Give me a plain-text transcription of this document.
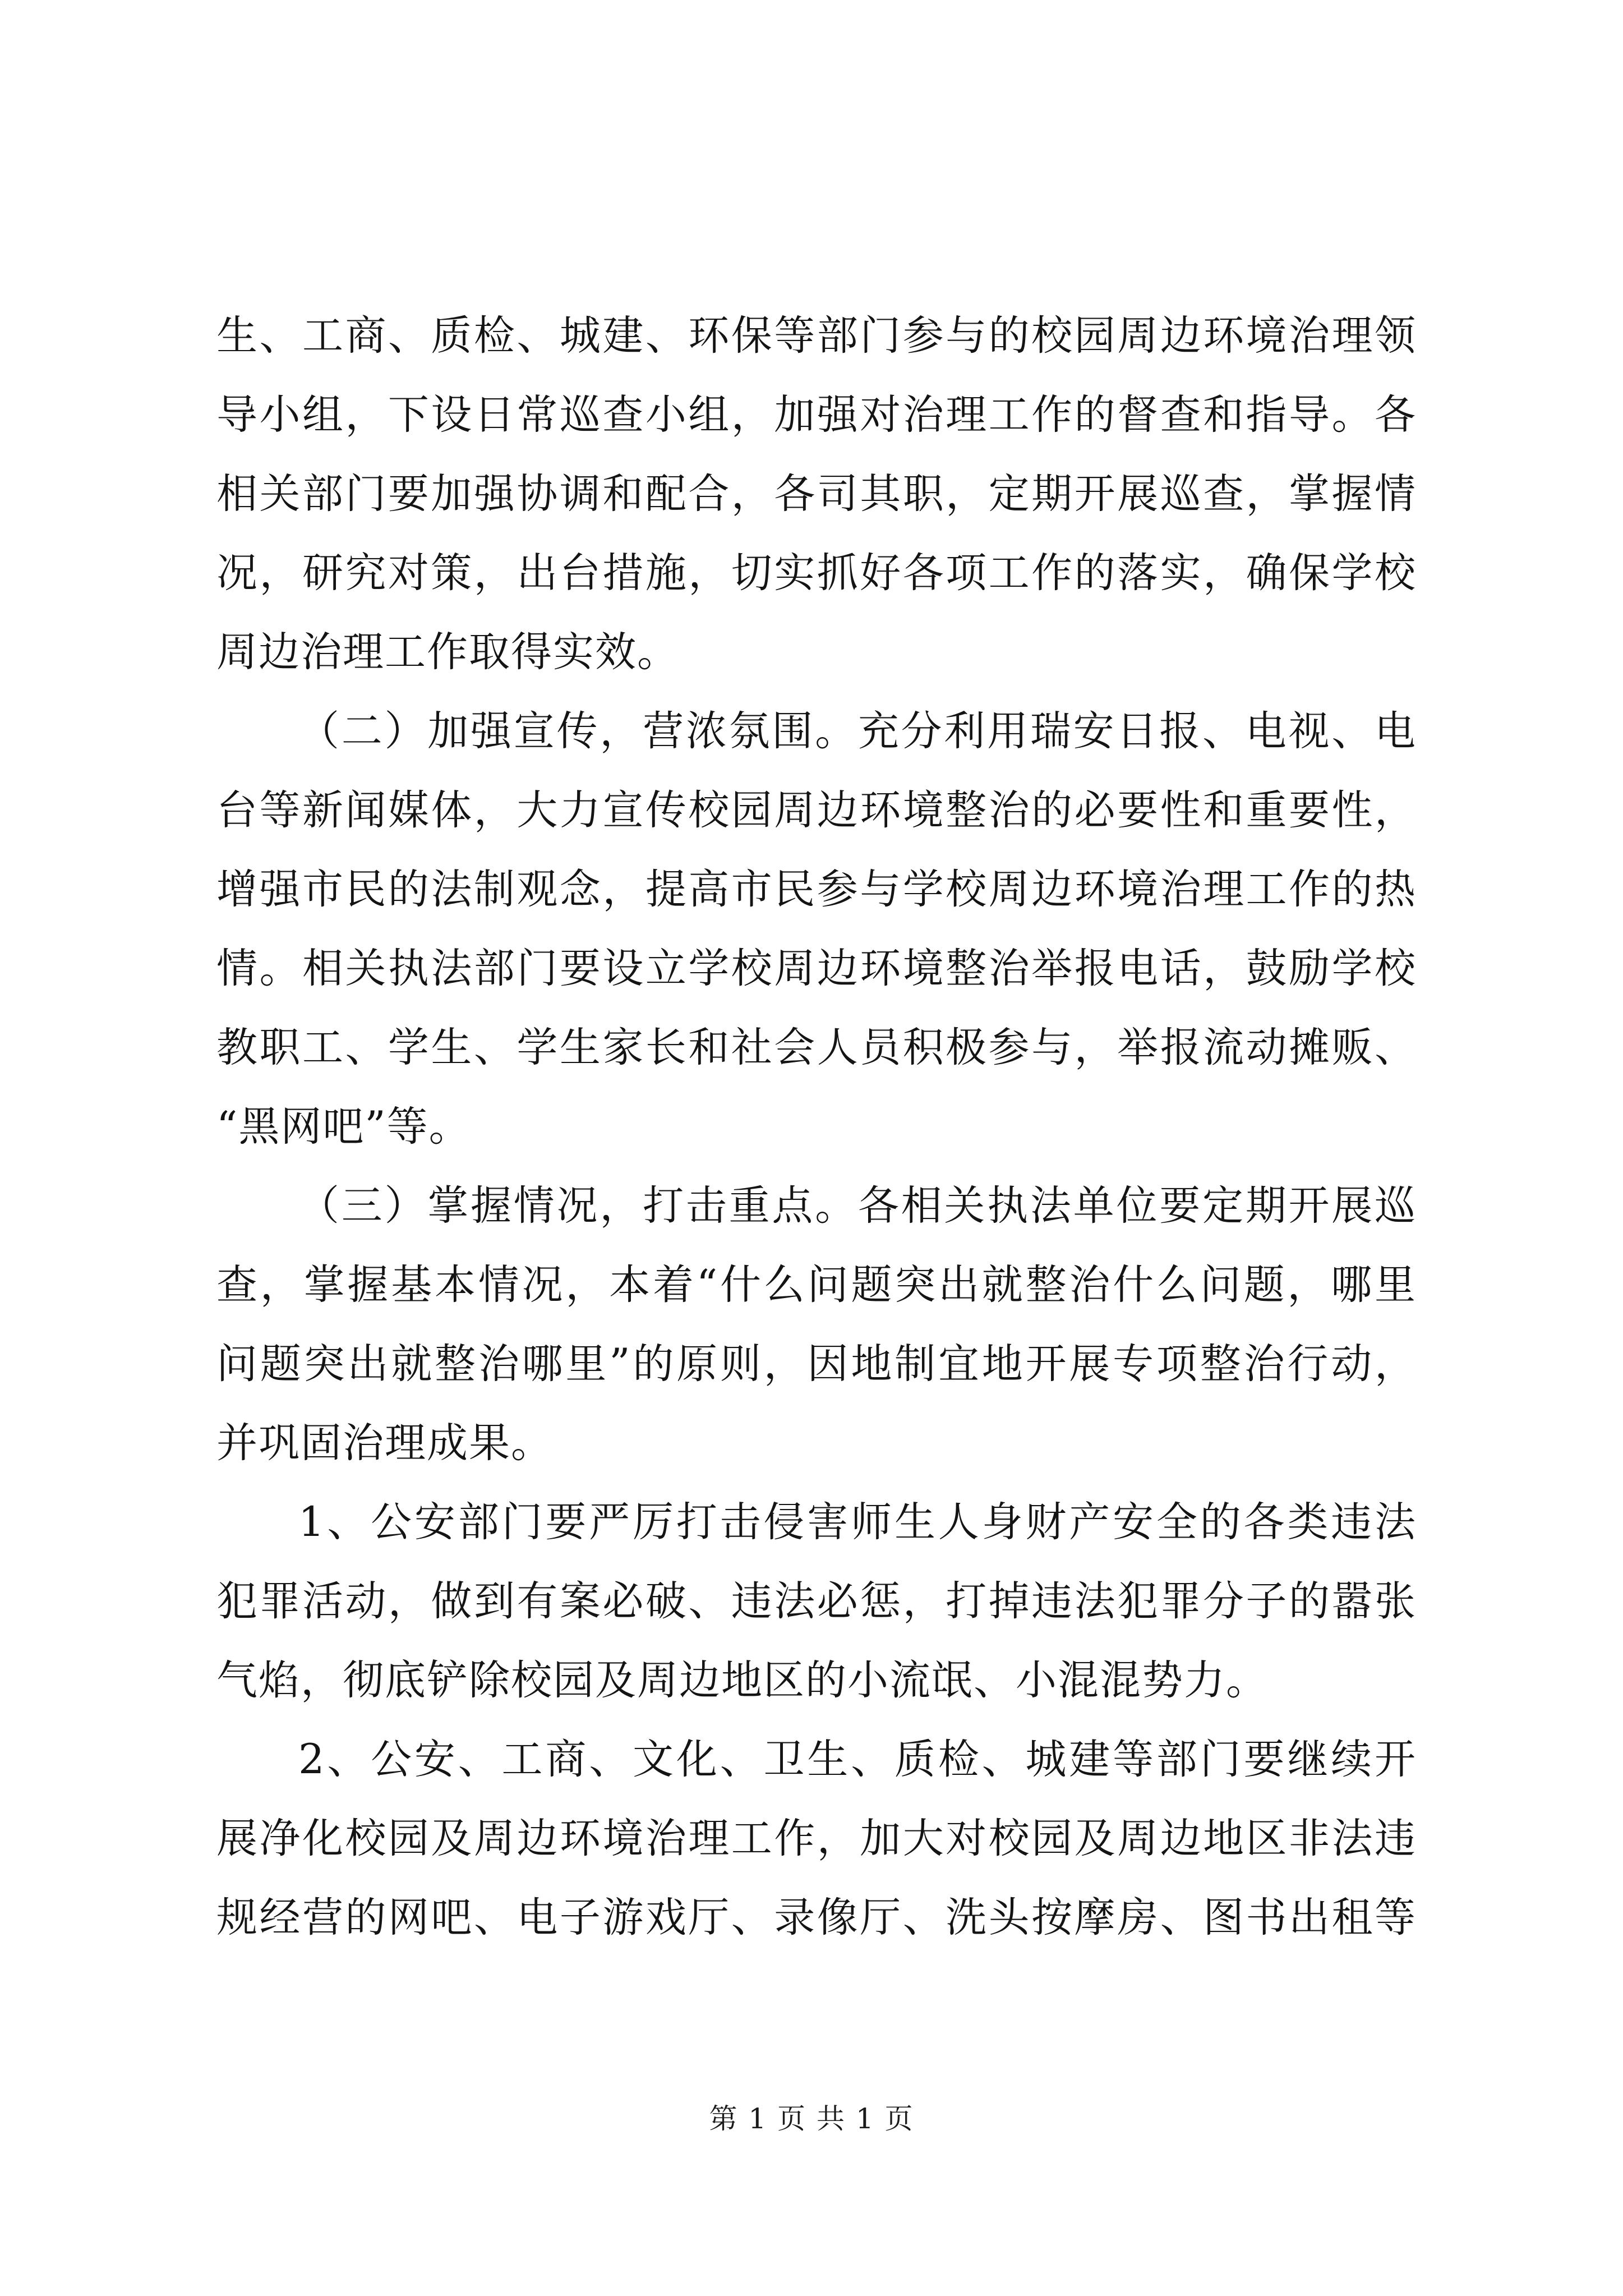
生、工商、质检、城建、环保等部门参与的校园周边环境治理领
导小组，下设日常巡查小组，加强对治理工作的督查和指导。各
相关部门要加强协调和配合，各司其职，定期开展巡查，掌握情
况，研究对策，出台措施，切实抓好各项工作的落实，确保学校
周边治理工作取得实效。
（二）加强宣传，营浓氛围。充分利用瑞安日报、电视、电
台等新闻媒体，大力宣传校园周边环境整治的必要性和重要性，
增强市民的法制观念，提高市民参与学校周边环境治理工作的热
情。相关执法部门要设立学校周边环境整治举报电话，鼓励学校
教职工、学生、学生家长和社会人员积极参与，举报流动摊贩、
“黑网吧”等。
（三）掌握情况，打击重点。各相关执法单位要定期开展巡
查，掌握基本情况，本着“什么问题突出就整治什么问题，哪里
问题突出就整治哪里”的原则，因地制宜地开展专项整治行动，
并巩固治理成果。
1、公安部门要严厉打击侵害师生人身财产安全的各类违法
犯罪活动，做到有案必破、违法必惩，打掉违法犯罪分子的嚣张
气焰，彻底铲除校园及周边地区的小流氓、小混混势力。
2、公安、工商、文化、卫生、质检、城建等部门要继续开
展净化校园及周边环境治理工作，加大对校园及周边地区非法违
规经营的网吧、电子游戏厅、录像厅、洗头按摩房、图书出租等
第 1 页 共 1 页
